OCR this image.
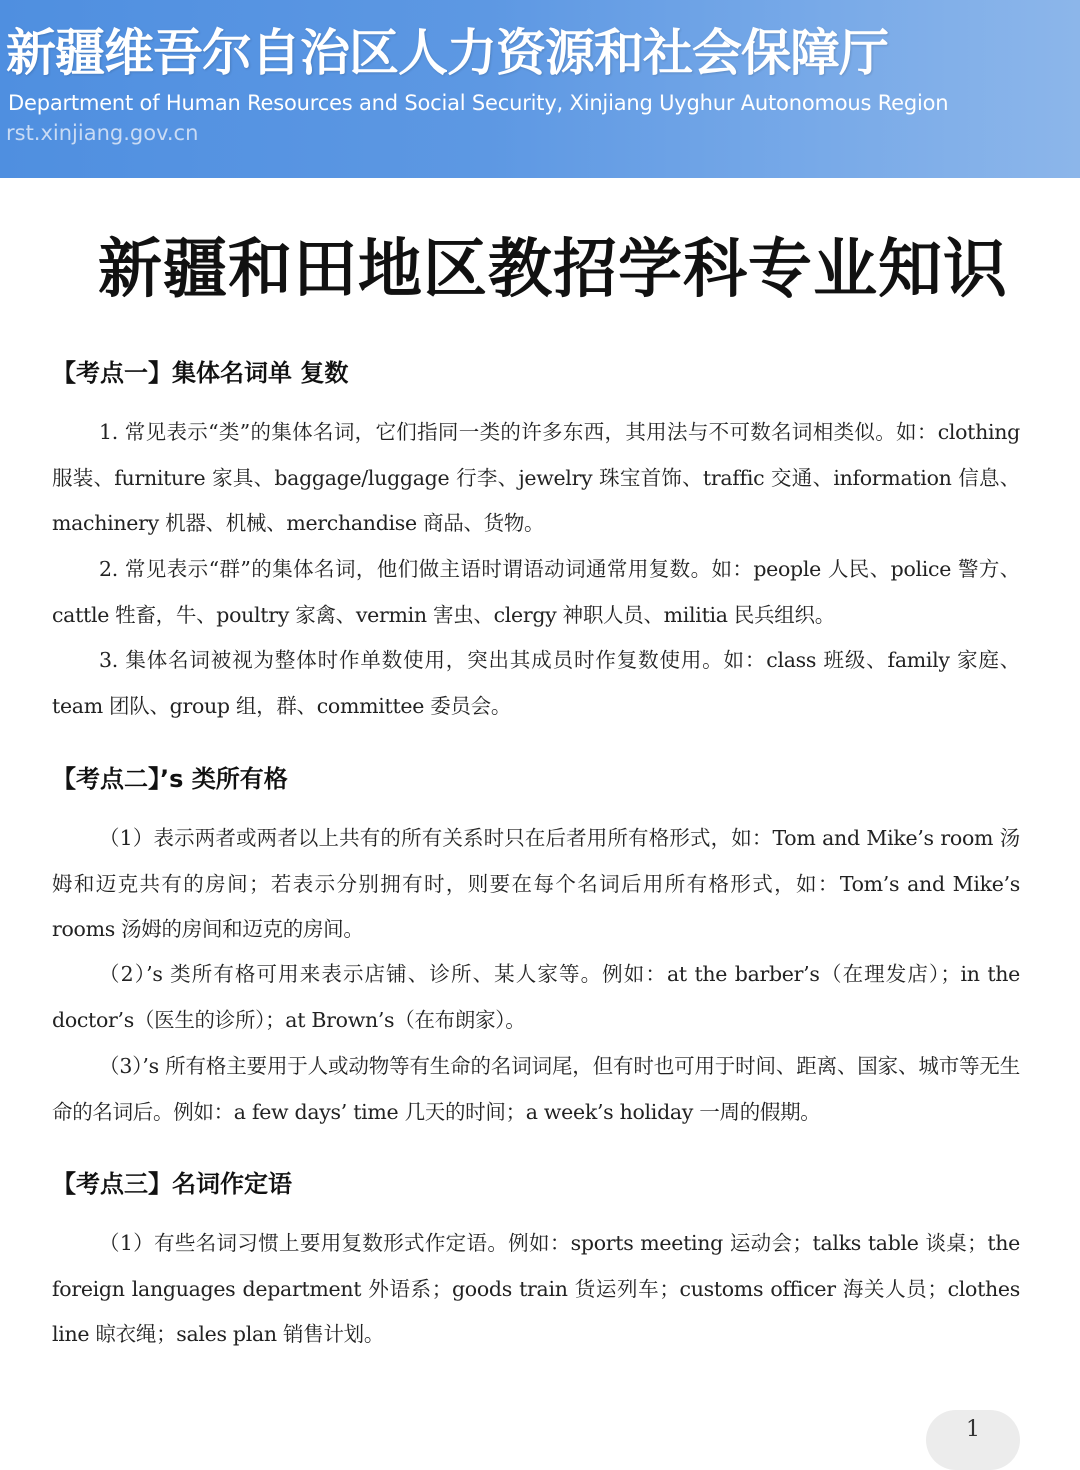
新疆维吾尔自治区人力资源和社会保障厅
Department of Human Resources and Social Security, Xinjiang Uyghur Autonomous Region
rst.xinjiang.gov.cn
新疆和田地区教招学科专业知识
【考点一】集体名词单 复数

1. 常见表示“类”的集体名词，它们指同一类的许多东西，其用法与不可数名词相类似。如：clothing 服装、furniture 家具、baggage/luggage 行李、jewelry 珠宝首饰、traffic 交通、information 信息、machinery 机器、机械、merchandise 商品、货物。

2. 常见表示“群”的集体名词，他们做主语时谓语动词通常用复数。如：people 人民、police 警方、cattle 牲畜，牛、poultry 家禽、vermin 害虫、clergy 神职人员、militia 民兵组织。

3. 集体名词被视为整体时作单数使用，突出其成员时作复数使用。如：class 班级、family 家庭、team 团队、group 组，群、committee 委员会。

【考点二】’s 类所有格

（1）表示两者或两者以上共有的所有关系时只在后者用所有格形式，如：Tom and Mike’s room 汤姆和迈克共有的房间；若表示分别拥有时，则要在每个名词后用所有格形式，如：Tom’s and Mike’s rooms 汤姆的房间和迈克的房间。

（2）’s 类所有格可用来表示店铺、诊所、某人家等。例如：at the barber’s（在理发店）；in the doctor’s（医生的诊所）；at Brown’s（在布朗家）。

（3）’s 所有格主要用于人或动物等有生命的名词词尾，但有时也可用于时间、距离、国家、城市等无生命的名词后。例如：a few days’ time 几天的时间；a week’s holiday 一周的假期。

【考点三】名词作定语

（1）有些名词习惯上要用复数形式作定语。例如：sports meeting 运动会；talks table 谈桌；the foreign languages department 外语系；goods train 货运列车；customs officer 海关人员；clothes line 晾衣绳；sales plan 销售计划。

1
